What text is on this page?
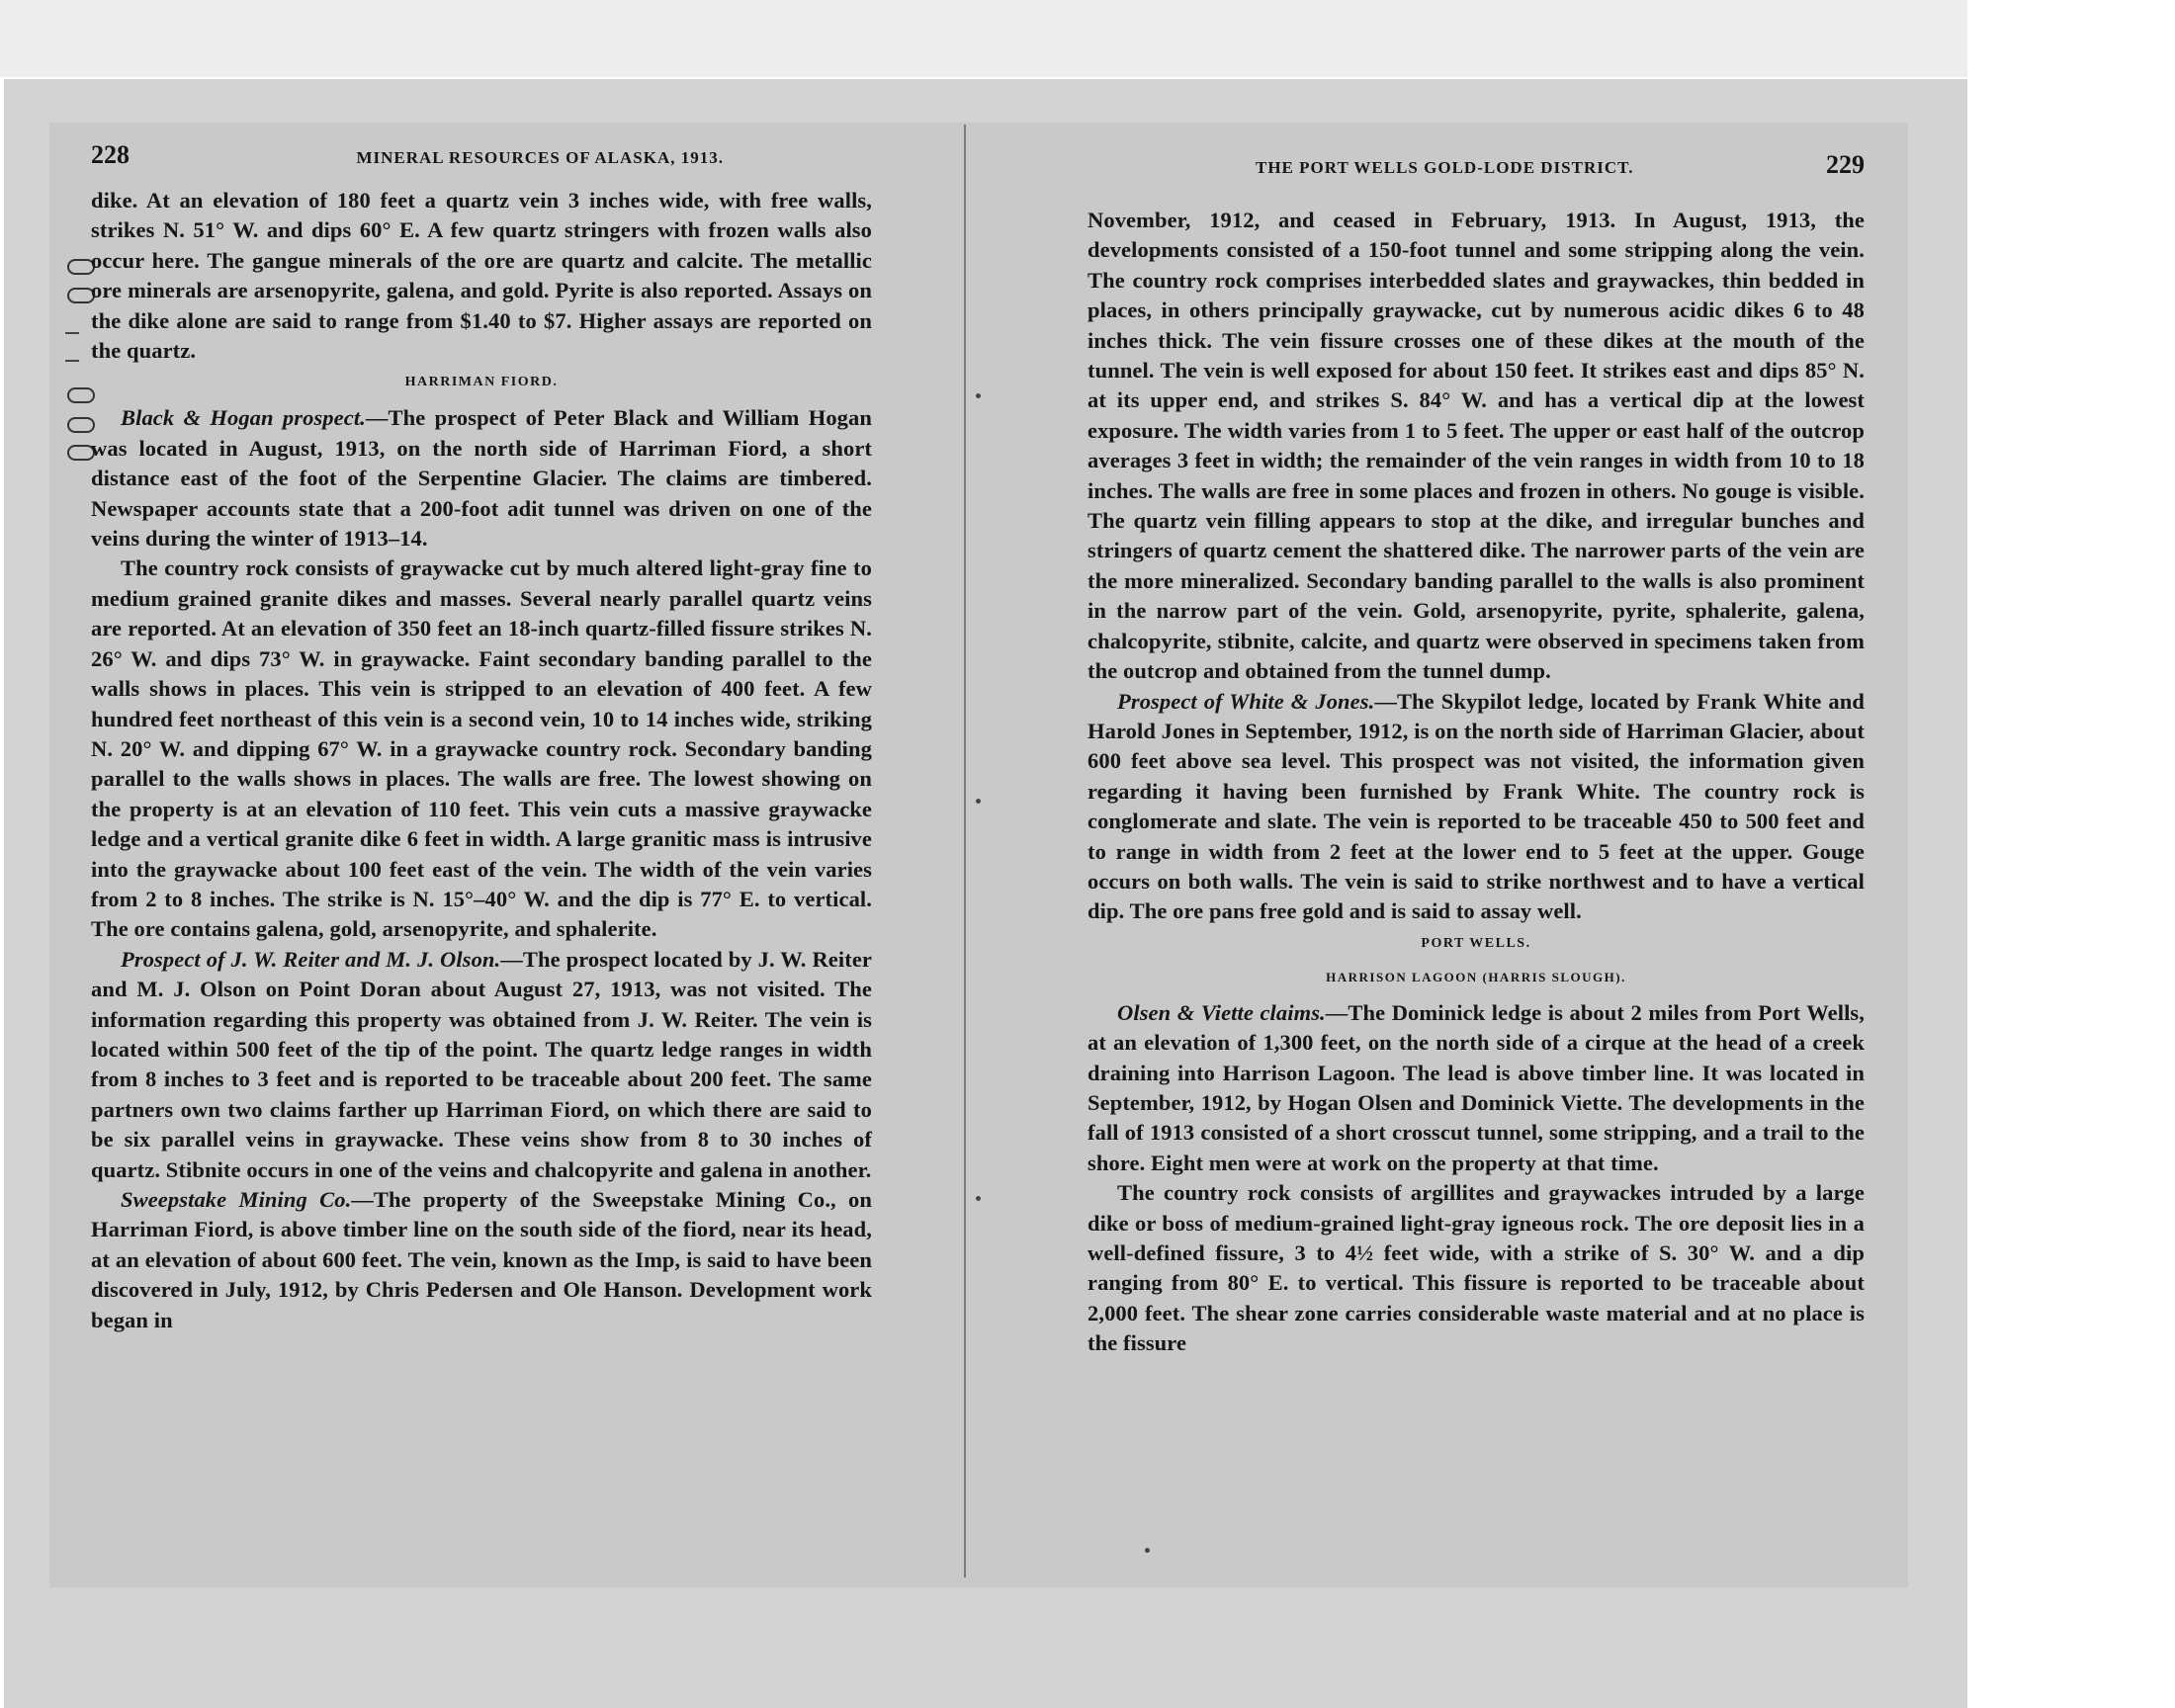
228	MINERAL RESOURCES OF ALASKA, 1913.

dike. At an elevation of 180 feet a quartz vein 3 inches wide, with free walls, strikes N. 51° W. and dips 60° E. A few quartz stringers with frozen walls also occur here. The gangue minerals of the ore are quartz and calcite. The metallic ore minerals are arsenopyrite, galena, and gold. Pyrite is also reported. Assays on the dike alone are said to range from $1.40 to $7. Higher assays are reported on the quartz.

HARRIMAN FIORD.

Black & Hogan prospect.—The prospect of Peter Black and William Hogan was located in August, 1913, on the north side of Harriman Fiord, a short distance east of the foot of the Serpentine Glacier. The claims are timbered. Newspaper accounts state that a 200-foot adit tunnel was driven on one of the veins during the winter of 1913–14.

The country rock consists of graywacke cut by much altered light-gray fine to medium grained granite dikes and masses. Several nearly parallel quartz veins are reported. At an elevation of 350 feet an 18-inch quartz-filled fissure strikes N. 26° W. and dips 73° W. in graywacke. Faint secondary banding parallel to the walls shows in places. This vein is stripped to an elevation of 400 feet. A few hundred feet northeast of this vein is a second vein, 10 to 14 inches wide, striking N. 20° W. and dipping 67° W. in a graywacke country rock. Secondary banding parallel to the walls shows in places. The walls are free. The lowest showing on the property is at an elevation of 110 feet. This vein cuts a massive graywacke ledge and a vertical granite dike 6 feet in width. A large granitic mass is intrusive into the graywacke about 100 feet east of the vein. The width of the vein varies from 2 to 8 inches. The strike is N. 15°–40° W. and the dip is 77° E. to vertical. The ore contains galena, gold, arsenopyrite, and sphalerite.

Prospect of J. W. Reiter and M. J. Olson.—The prospect located by J. W. Reiter and M. J. Olson on Point Doran about August 27, 1913, was not visited. The information regarding this property was obtained from J. W. Reiter. The vein is located within 500 feet of the tip of the point. The quartz ledge ranges in width from 8 inches to 3 feet and is reported to be traceable about 200 feet. The same partners own two claims farther up Harriman Fiord, on which there are said to be six parallel veins in graywacke. These veins show from 8 to 30 inches of quartz. Stibnite occurs in one of the veins and chalcopyrite and galena in another.

Sweepstake Mining Co.—The property of the Sweepstake Mining Co., on Harriman Fiord, is above timber line on the south side of the fiord, near its head, at an elevation of about 600 feet. The vein, known as the Imp, is said to have been discovered in July, 1912, by Chris Pedersen and Ole Hanson. Development work began in

THE PORT WELLS GOLD-LODE DISTRICT.	229

November, 1912, and ceased in February, 1913. In August, 1913, the developments consisted of a 150-foot tunnel and some stripping along the vein. The country rock comprises interbedded slates and graywackes, thin bedded in places, in others principally graywacke, cut by numerous acidic dikes 6 to 48 inches thick. The vein fissure crosses one of these dikes at the mouth of the tunnel. The vein is well exposed for about 150 feet. It strikes east and dips 85° N. at its upper end, and strikes S. 84° W. and has a vertical dip at the lowest exposure. The width varies from 1 to 5 feet. The upper or east half of the outcrop averages 3 feet in width; the remainder of the vein ranges in width from 10 to 18 inches. The walls are free in some places and frozen in others. No gouge is visible. The quartz vein filling appears to stop at the dike, and irregular bunches and stringers of quartz cement the shattered dike. The narrower parts of the vein are the more mineralized. Secondary banding parallel to the walls is also prominent in the narrow part of the vein. Gold, arsenopyrite, pyrite, sphalerite, galena, chalcopyrite, stibnite, calcite, and quartz were observed in specimens taken from the outcrop and obtained from the tunnel dump.

Prospect of White & Jones.—The Skypilot ledge, located by Frank White and Harold Jones in September, 1912, is on the north side of Harriman Glacier, about 600 feet above sea level. This prospect was not visited, the information given regarding it having been furnished by Frank White. The country rock is conglomerate and slate. The vein is reported to be traceable 450 to 500 feet and to range in width from 2 feet at the lower end to 5 feet at the upper. Gouge occurs on both walls. The vein is said to strike northwest and to have a vertical dip. The ore pans free gold and is said to assay well.

PORT WELLS.
HARRISON LAGOON (HARRIS SLOUGH).

Olsen & Viette claims.—The Dominick ledge is about 2 miles from Port Wells, at an elevation of 1,300 feet, on the north side of a cirque at the head of a creek draining into Harrison Lagoon. The lead is above timber line. It was located in September, 1912, by Hogan Olsen and Dominick Viette. The developments in the fall of 1913 consisted of a short crosscut tunnel, some stripping, and a trail to the shore. Eight men were at work on the property at that time.

The country rock consists of argillites and graywackes intruded by a large dike or boss of medium-grained light-gray igneous rock. The ore deposit lies in a well-defined fissure, 3 to 4½ feet wide, with a strike of S. 30° W. and a dip ranging from 80° E. to vertical. This fissure is reported to be traceable about 2,000 feet. The shear zone carries considerable waste material and at no place is the fissure
